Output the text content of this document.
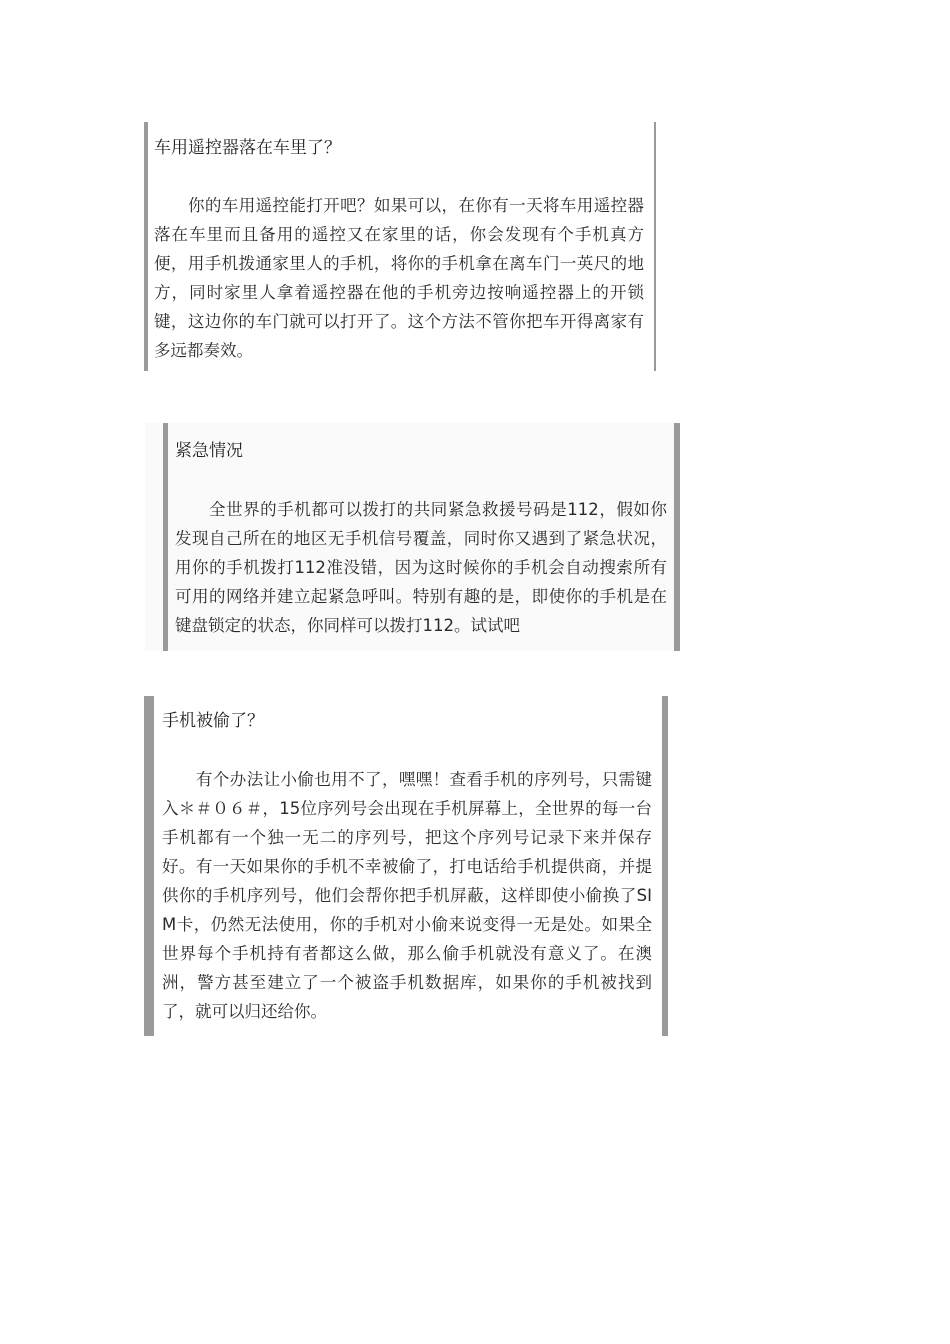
车用遥控器落在车里了？
你的车用遥控能打开吧？如果可以，在你有一天将车用遥控器落在车里而且备用的遥控又在家里的话，你会发现有个手机真方便，用手机拨通家里人的手机，将你的手机拿在离车门一英尺的地方，同时家里人拿着遥控器在他的手机旁边按响遥控器上的开锁键，这边你的车门就可以打开了。这个方法不管你把车开得离家有多远都奏效。
紧急情况
全世界的手机都可以拨打的共同紧急救援号码是112，假如你发现自己所在的地区无手机信号覆盖，同时你又遇到了紧急状况，用你的手机拨打112准没错，因为这时候你的手机会自动搜索所有可用的网络并建立起紧急呼叫。特别有趣的是，即使你的手机是在键盘锁定的状态，你同样可以拨打112。试试吧
手机被偷了？
有个办法让小偷也用不了，嘿嘿！查看手机的序列号，只需键入＊＃０６＃，15位序列号会出现在手机屏幕上，全世界的每一台手机都有一个独一无二的序列号，把这个序列号记录下来并保存好。有一天如果你的手机不幸被偷了，打电话给手机提供商，并提供你的手机序列号，他们会帮你把手机屏蔽，这样即使小偷换了SIM卡，仍然无法使用，你的手机对小偷来说变得一无是处。如果全世界每个手机持有者都这么做，那么偷手机就没有意义了。在澳洲，警方甚至建立了一个被盗手机数据库，如果你的手机被找到了，就可以归还给你。
